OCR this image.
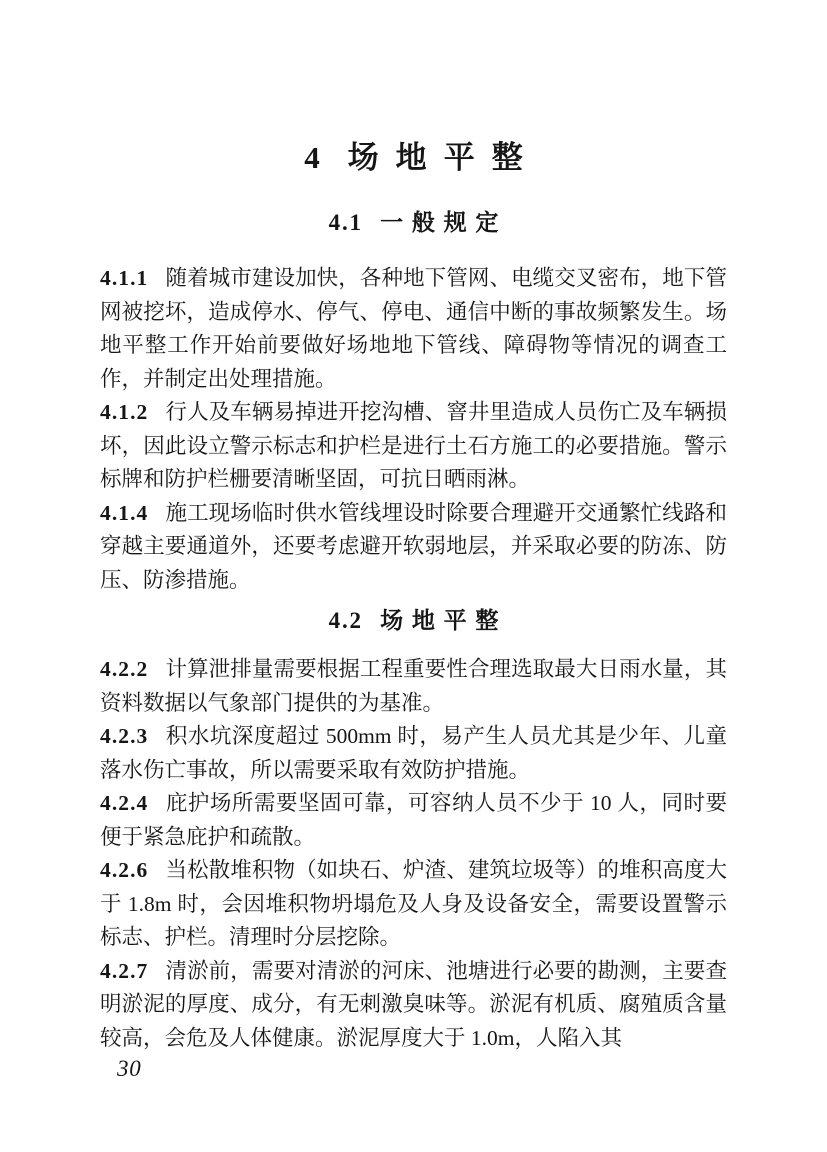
4 场地平整
4.1 一般规定

4.1.1 随着城市建设加快，各种地下管网、电缆交叉密布，地下管网被挖坏，造成停水、停气、停电、通信中断的事故频繁发生。场地平整工作开始前要做好场地地下管线、障碍物等情况的调查工作，并制定出处理措施。

4.1.2 行人及车辆易掉进开挖沟槽、窨井里造成人员伤亡及车辆损坏，因此设立警示标志和护栏是进行土石方施工的必要措施。警示标牌和防护栏栅要清晰坚固，可抗日晒雨淋。

4.1.4 施工现场临时供水管线埋设时除要合理避开交通繁忙线路和穿越主要通道外，还要考虑避开软弱地层，并采取必要的防冻、防压、防渗措施。

4.2 场地平整

4.2.2 计算泄排量需要根据工程重要性合理选取最大日雨水量，其资料数据以气象部门提供的为基准。

4.2.3 积水坑深度超过 500mm 时，易产生人员尤其是少年、儿童落水伤亡事故，所以需要采取有效防护措施。

4.2.4 庇护场所需要坚固可靠，可容纳人员不少于 10 人，同时要便于紧急庇护和疏散。

4.2.6 当松散堆积物（如块石、炉渣、建筑垃圾等）的堆积高度大于 1.8m 时，会因堆积物坍塌危及人身及设备安全，需要设置警示标志、护栏。清理时分层挖除。

4.2.7 清淤前，需要对清淤的河床、池塘进行必要的勘测，主要查明淤泥的厚度、成分，有无刺激臭味等。淤泥有机质、腐殖质含量较高，会危及人体健康。淤泥厚度大于 1.0m，人陷入其

30
